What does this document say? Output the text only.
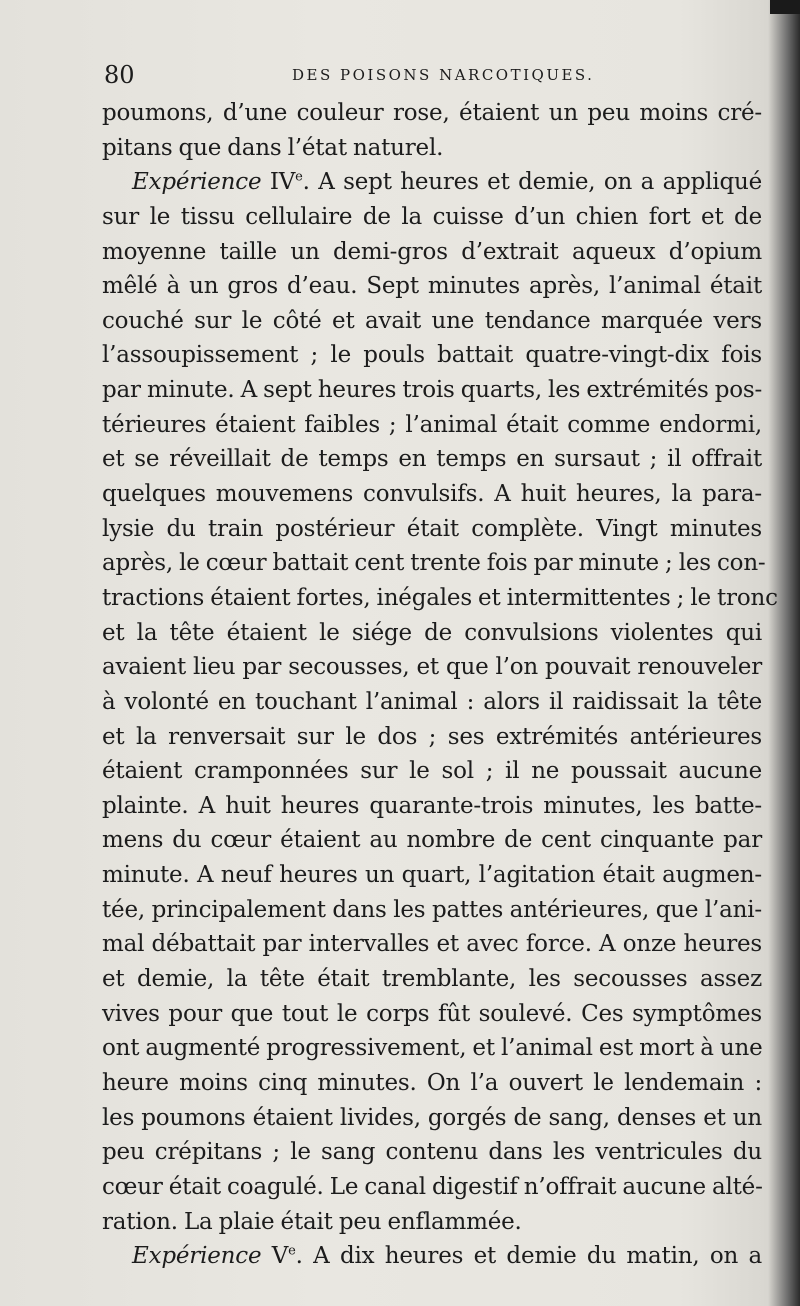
80	DES POISONS NARCOTIQUES.
poumons, d’une couleur rose, étaient un peu moins cré-
pitans que dans l’état naturel.
Expérience IVe. A sept heures et demie, on a appliqué
sur le tissu cellulaire de la cuisse d’un chien fort et de
moyenne taille un demi-gros d’extrait aqueux d’opium
mêlé à un gros d’eau. Sept minutes après, l’animal était
couché sur le côté et avait une tendance marquée vers
l’assoupissement ; le pouls battait quatre-vingt-dix fois
par minute. A sept heures trois quarts, les extrémités pos-
térieures étaient faibles ; l’animal était comme endormi,
et se réveillait de temps en temps en sursaut ; il offrait
quelques mouvemens convulsifs. A huit heures, la para-
lysie du train postérieur était complète. Vingt minutes
après, le cœur battait cent trente fois par minute ; les con-
tractions étaient fortes, inégales et intermittentes ; le tronc
et la tête étaient le siége de convulsions violentes qui
avaient lieu par secousses, et que l’on pouvait renouveler
à volonté en touchant l’animal : alors il raidissait la tête
et la renversait sur le dos ; ses extrémités antérieures
étaient cramponnées sur le sol ; il ne poussait aucune
plainte. A huit heures quarante-trois minutes, les batte-
mens du cœur étaient au nombre de cent cinquante par
minute. A neuf heures un quart, l’agitation était augmen-
tée, principalement dans les pattes antérieures, que l’ani-
mal débattait par intervalles et avec force. A onze heures
et demie, la tête était tremblante, les secousses assez
vives pour que tout le corps fût soulevé. Ces symptômes
ont augmenté progressivement, et l’animal est mort à une
heure moins cinq minutes. On l’a ouvert le lendemain :
les poumons étaient livides, gorgés de sang, denses et un
peu crépitans ; le sang contenu dans les ventricules du
cœur était coagulé. Le canal digestif n’offrait aucune alté-
ration. La plaie était peu enflammée.
Expérience Ve. A dix heures et demie du matin, on a
